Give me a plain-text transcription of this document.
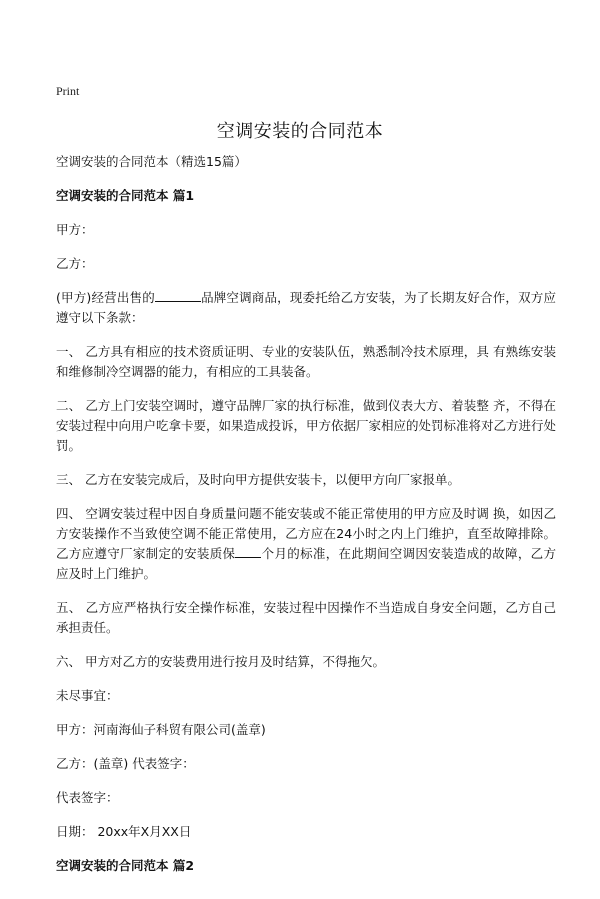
Print
空调安装的合同范本
空调安装的合同范本（精选15篇）
空调安装的合同范本 篇1
甲方：
乙方：
(甲方)经营出售的	品牌空调商品，现委托给乙方安装，为了长期友好合作，双方应遵守以下条款：
一、 乙方具有相应的技术资质证明、专业的安装队伍，熟悉制冷技术原理，具 有熟练安装和维修制冷空调器的能力，有相应的工具装备。
二、 乙方上门安装空调时，遵守品牌厂家的执行标准，做到仪表大方、着装整 齐，不得在安装过程中向用户吃拿卡要，如果造成投诉，甲方依据厂家相应的处罚标准将对乙方进行处罚。
三、 乙方在安装完成后，及时向甲方提供安装卡，以便甲方向厂家报单。
四、 空调安装过程中因自身质量问题不能安装或不能正常使用的甲方应及时调 换，如因乙方安装操作不当致使空调不能正常使用，乙方应在24小时之内上门维护，直至故障排除。乙方应遵守厂家制定的安装质保 个月的标准，在此期间空调因安装造成的故障，乙方应及时上门维护。
五、 乙方应严格执行安全操作标准，安装过程中因操作不当造成自身安全问题，乙方自己承担责任。
六、 甲方对乙方的安装费用进行按月及时结算，不得拖欠。
未尽事宜：
甲方：河南海仙子科贸有限公司(盖章)
乙方：(盖章) 代表签字：
代表签字：
日期： 20xx年X月XX日
空调安装的合同范本 篇2
